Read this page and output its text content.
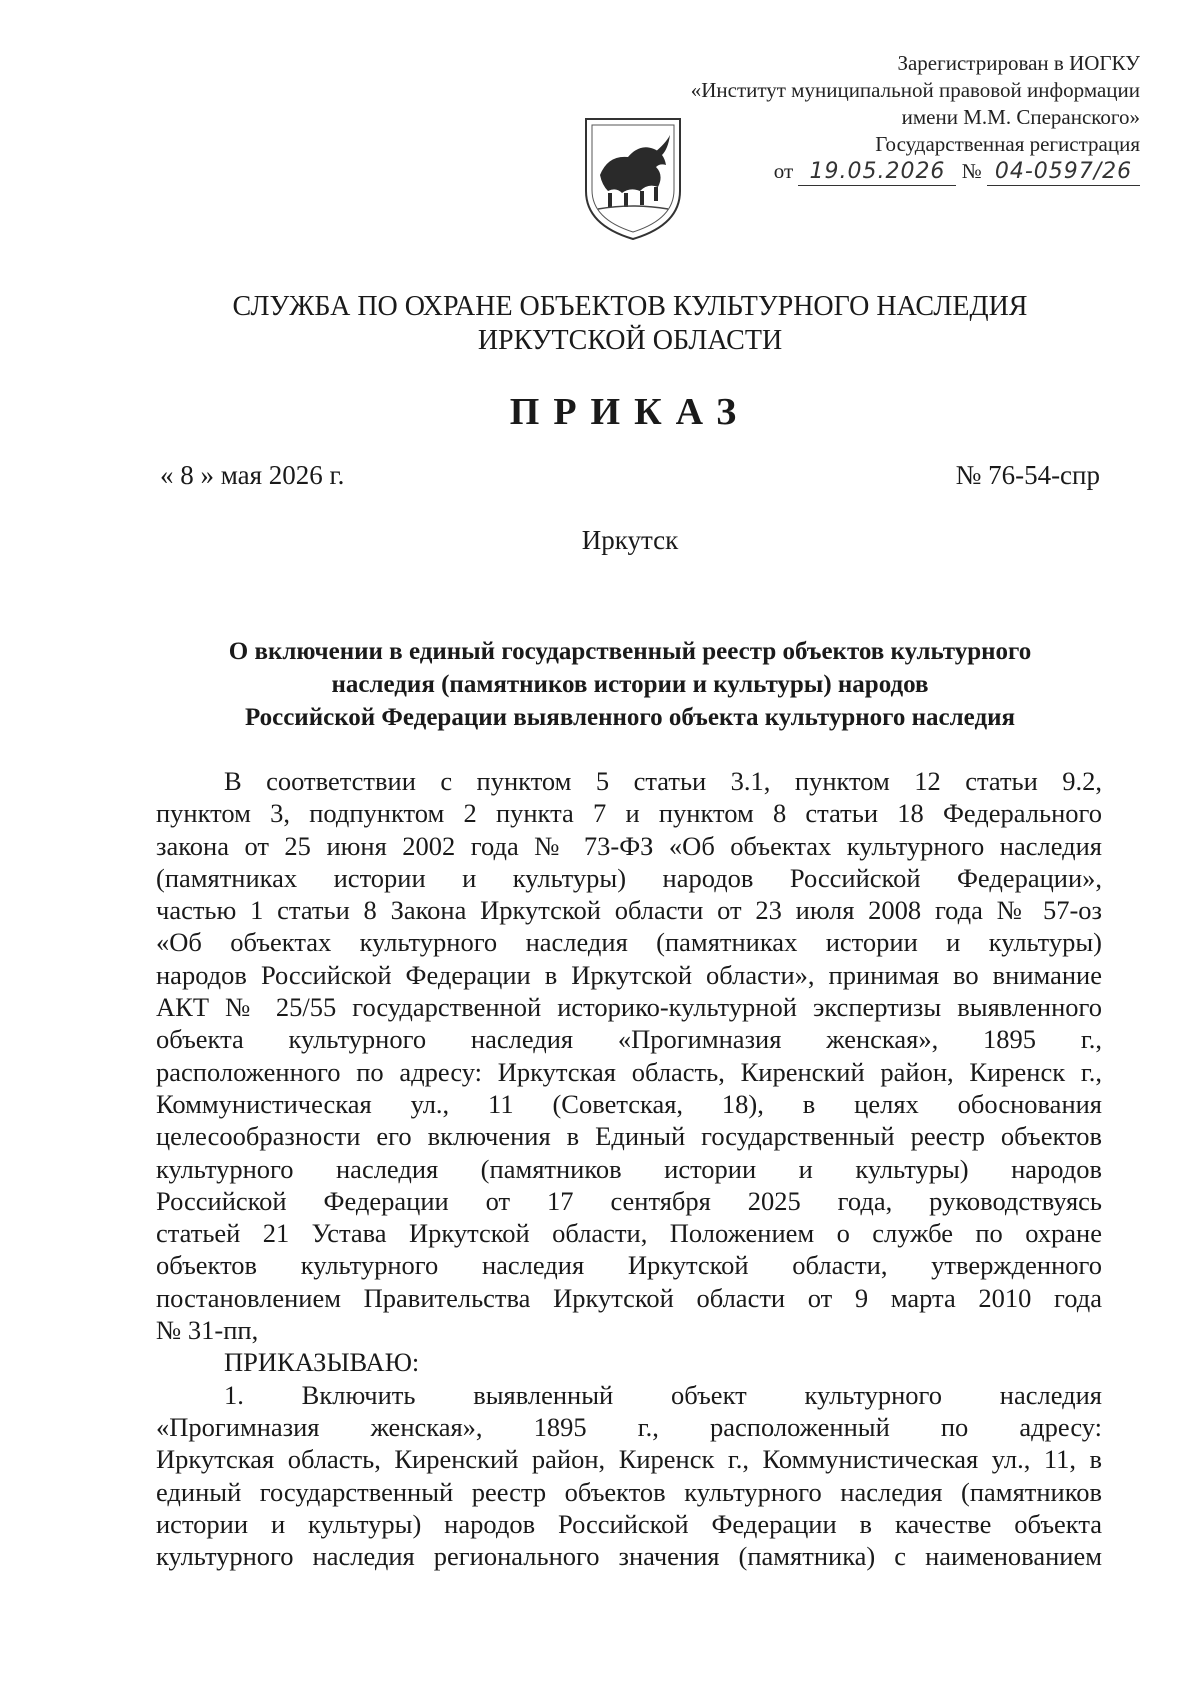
Зарегистрирован в ИОГКУ
«Институт муниципальной правовой информации
имени М.М. Сперанского»
Государственная регистрация
от 19.05.2026 № 04-0597/26
СЛУЖБА ПО ОХРАНЕ ОБЪЕКТОВ КУЛЬТУРНОГО НАСЛЕДИЯ
ИРКУТСКОЙ ОБЛАСТИ
ПРИКАЗ
« 8 » мая 2026 г.	№ 76-54-спр
Иркутск
О включении в единый государственный реестр объектов культурного
наследия (памятников истории и культуры) народов
Российской Федерации выявленного объекта культурного наследия

В соответствии с пунктом 5 статьи 3.1, пунктом 12 статьи 9.2,

пунктом 3, подпунктом 2 пункта 7 и пунктом 8 статьи 18 Федерального

закона от 25 июня 2002 года № 73-ФЗ «Об объектах культурного наследия

(памятниках истории и культуры) народов Российской Федерации»,

частью 1 статьи 8 Закона Иркутской области от 23 июля 2008 года № 57-оз

«Об объектах культурного наследия (памятниках истории и культуры)

народов Российской Федерации в Иркутской области», принимая во внимание

АКТ № 25/55 государственной историко-культурной экспертизы выявленного

объекта культурного наследия «Прогимназия женская», 1895 г.,

расположенного по адресу: Иркутская область, Киренский район, Киренск г.,

Коммунистическая ул., 11 (Советская, 18), в целях обоснования

целесообразности его включения в Единый государственный реестр объектов

культурного наследия (памятников истории и культуры) народов

Российской Федерации от 17 сентября 2025 года, руководствуясь

статьей 21 Устава Иркутской области, Положением о службе по охране

объектов культурного наследия Иркутской области, утвержденного

постановлением Правительства Иркутской области от 9 марта 2010 года

№ 31-пп,

ПРИКАЗЫВАЮ:

1. Включить выявленный объект культурного наследия

«Прогимназия женская», 1895 г., расположенный по адресу:

Иркутская область, Киренский район, Киренск г., Коммунистическая ул., 11, в

единый государственный реестр объектов культурного наследия (памятников

истории и культуры) народов Российской Федерации в качестве объекта

культурного наследия регионального значения (памятника) с наименованием
